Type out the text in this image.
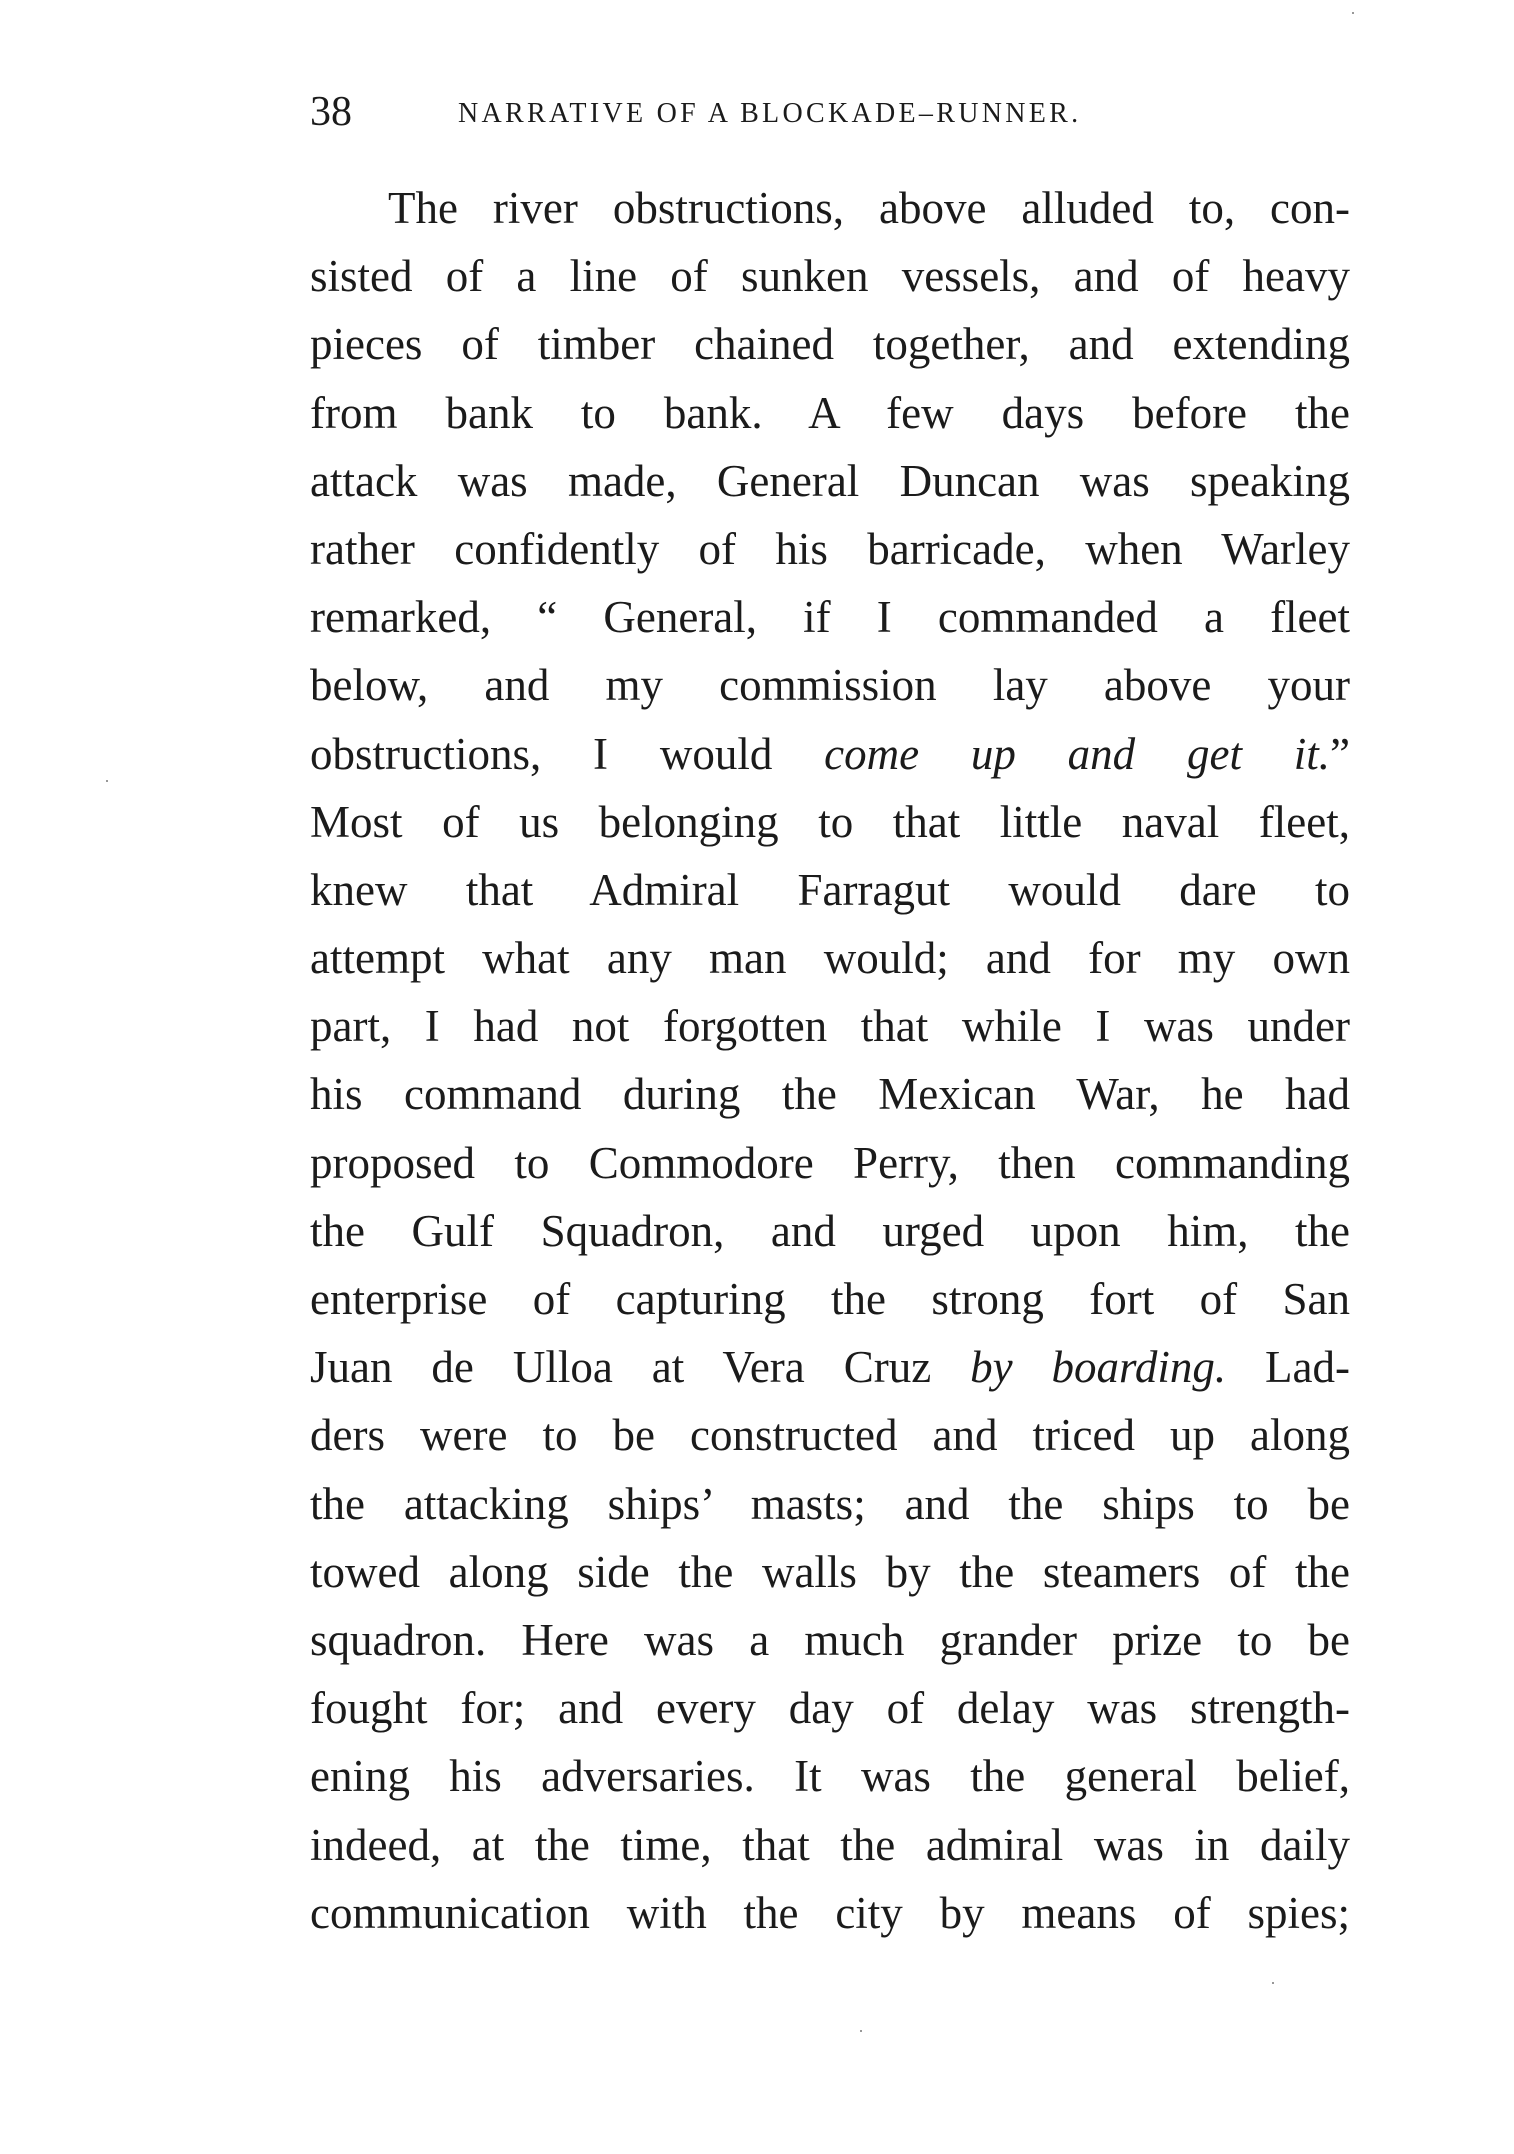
38	NARRATIVE OF A BLOCKADE–RUNNER.
The river obstructions, above alluded to, con-
sisted of a line of sunken vessels, and of heavy
pieces of timber chained together, and extending
from bank to bank. A few days before the
attack was made, General Duncan was speaking
rather confidently of his barricade, when Warley
remarked, “ General, if I commanded a fleet
below, and my commission lay above your
obstructions, I would come up and get it.”
Most of us belonging to that little naval fleet,
knew that Admiral Farragut would dare to
attempt what any man would; and for my own
part, I had not forgotten that while I was under
his command during the Mexican War, he had
proposed to Commodore Perry, then commanding
the Gulf Squadron, and urged upon him, the
enterprise of capturing the strong fort of San
Juan de Ulloa at Vera Cruz by boarding. Lad-
ders were to be constructed and triced up along
the attacking ships’ masts; and the ships to be
towed along side the walls by the steamers of the
squadron. Here was a much grander prize to be
fought for; and every day of delay was strength-
ening his adversaries. It was the general belief,
indeed, at the time, that the admiral was in daily
communication with the city by means of spies;
